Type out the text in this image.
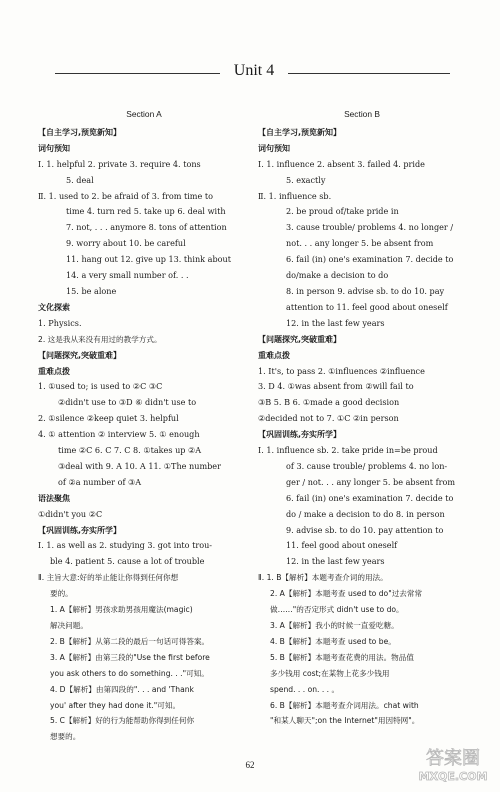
Unit 4

Section A

【自主学习,预览新知】

词句预知

Ⅰ. 1. helpful 2. private 3. require 4. tons

5. deal

Ⅱ. 1. used to 2. be afraid of 3. from time to

time 4. turn red 5. take up 6. deal with

7. not, . . . anymore 8. tons of attention

9. worry about 10. be careful

11. hang out 12. give up 13. think about

14. a very small number of. . .

15. be alone

文化探索

1. Physics.

2. 这是我从来没有用过的教学方式。

【问题探究,突破重难】

重难点拨

1. ①used to; is used to ②C ③C

②didn't use to ③D ⑥ didn't use to

2. ①silence ②keep quiet 3. helpful

4. ① attention ② interview 5. ① enough

time ②C 6. C 7. C 8. ①takes up ②A

③deal with 9. A 10. A 11. ①The number

of ②a number of ③A

语法聚焦

①didn't you ②C

【巩固训练,夯实所学】

Ⅰ. 1. as well as 2. studying 3. got into trou-

ble 4. patient 5. cause a lot of trouble

Ⅱ. 主旨大意:好的举止能让你得到任何你想

要的。

1. A【解析】男孩求助男孩用魔法(magic)

解决问题。

2. B【解析】从第二段的最后一句话可得答案。

3. A【解析】由第三段的"Use the first before

you ask others to do something. . ."可知。

4. D【解析】由第四段的". . . and 'Thank

you' after they had done it."可知。

5. C【解析】好的行为能帮助你得到任何你

想要的。

Section B

【自主学习,预览新知】

词句预知

Ⅰ. 1. influence 2. absent 3. failed 4. pride

5. exactly

Ⅱ. 1. influence sb.

2. be proud of/take pride in

3. cause trouble/ problems 4. no longer /

not. . . any longer 5. be absent from

6. fail (in) one's examination 7. decide to

do/make a decision to do

8. in person 9. advise sb. to do 10. pay

attention to 11. feel good about oneself

12. in the last few years

【问题探究,突破重难】

重难点拨

1. It's, to pass 2. ①influences ②influence

3. D 4. ①was absent from ②will fail to

③B 5. B 6. ①made a good decision

②decided not to 7. ①C ②in person

【巩固训练,夯实所学】

Ⅰ. 1. influence sb. 2. take pride in=be proud

of 3. cause trouble/ problems 4. no lon-

ger / not. . . any longer 5. be absent from

6. fail (in) one's examination 7. decide to

do / make a decision to do 8. in person

9. advise sb. to do 10. pay attention to

11. feel good about oneself

12. in the last few years

Ⅱ. 1. B【解析】本题考查介词的用法。

2. A【解析】本题考查 used to do"过去常常

做……"的否定形式 didn't use to do。

3. A【解析】我小的时候一直爱吃糖。

4. B【解析】本题考查 used to be。

5. B【解析】本题考查花费的用法。物品值

多少钱用 cost;在某物上花多少钱用

spend. . . on. . . 。

6. B【解析】本题考查介词用法。chat with

"和某人聊天";on the Internet"用因特网"。

62	答案圈
MXQE.COM
